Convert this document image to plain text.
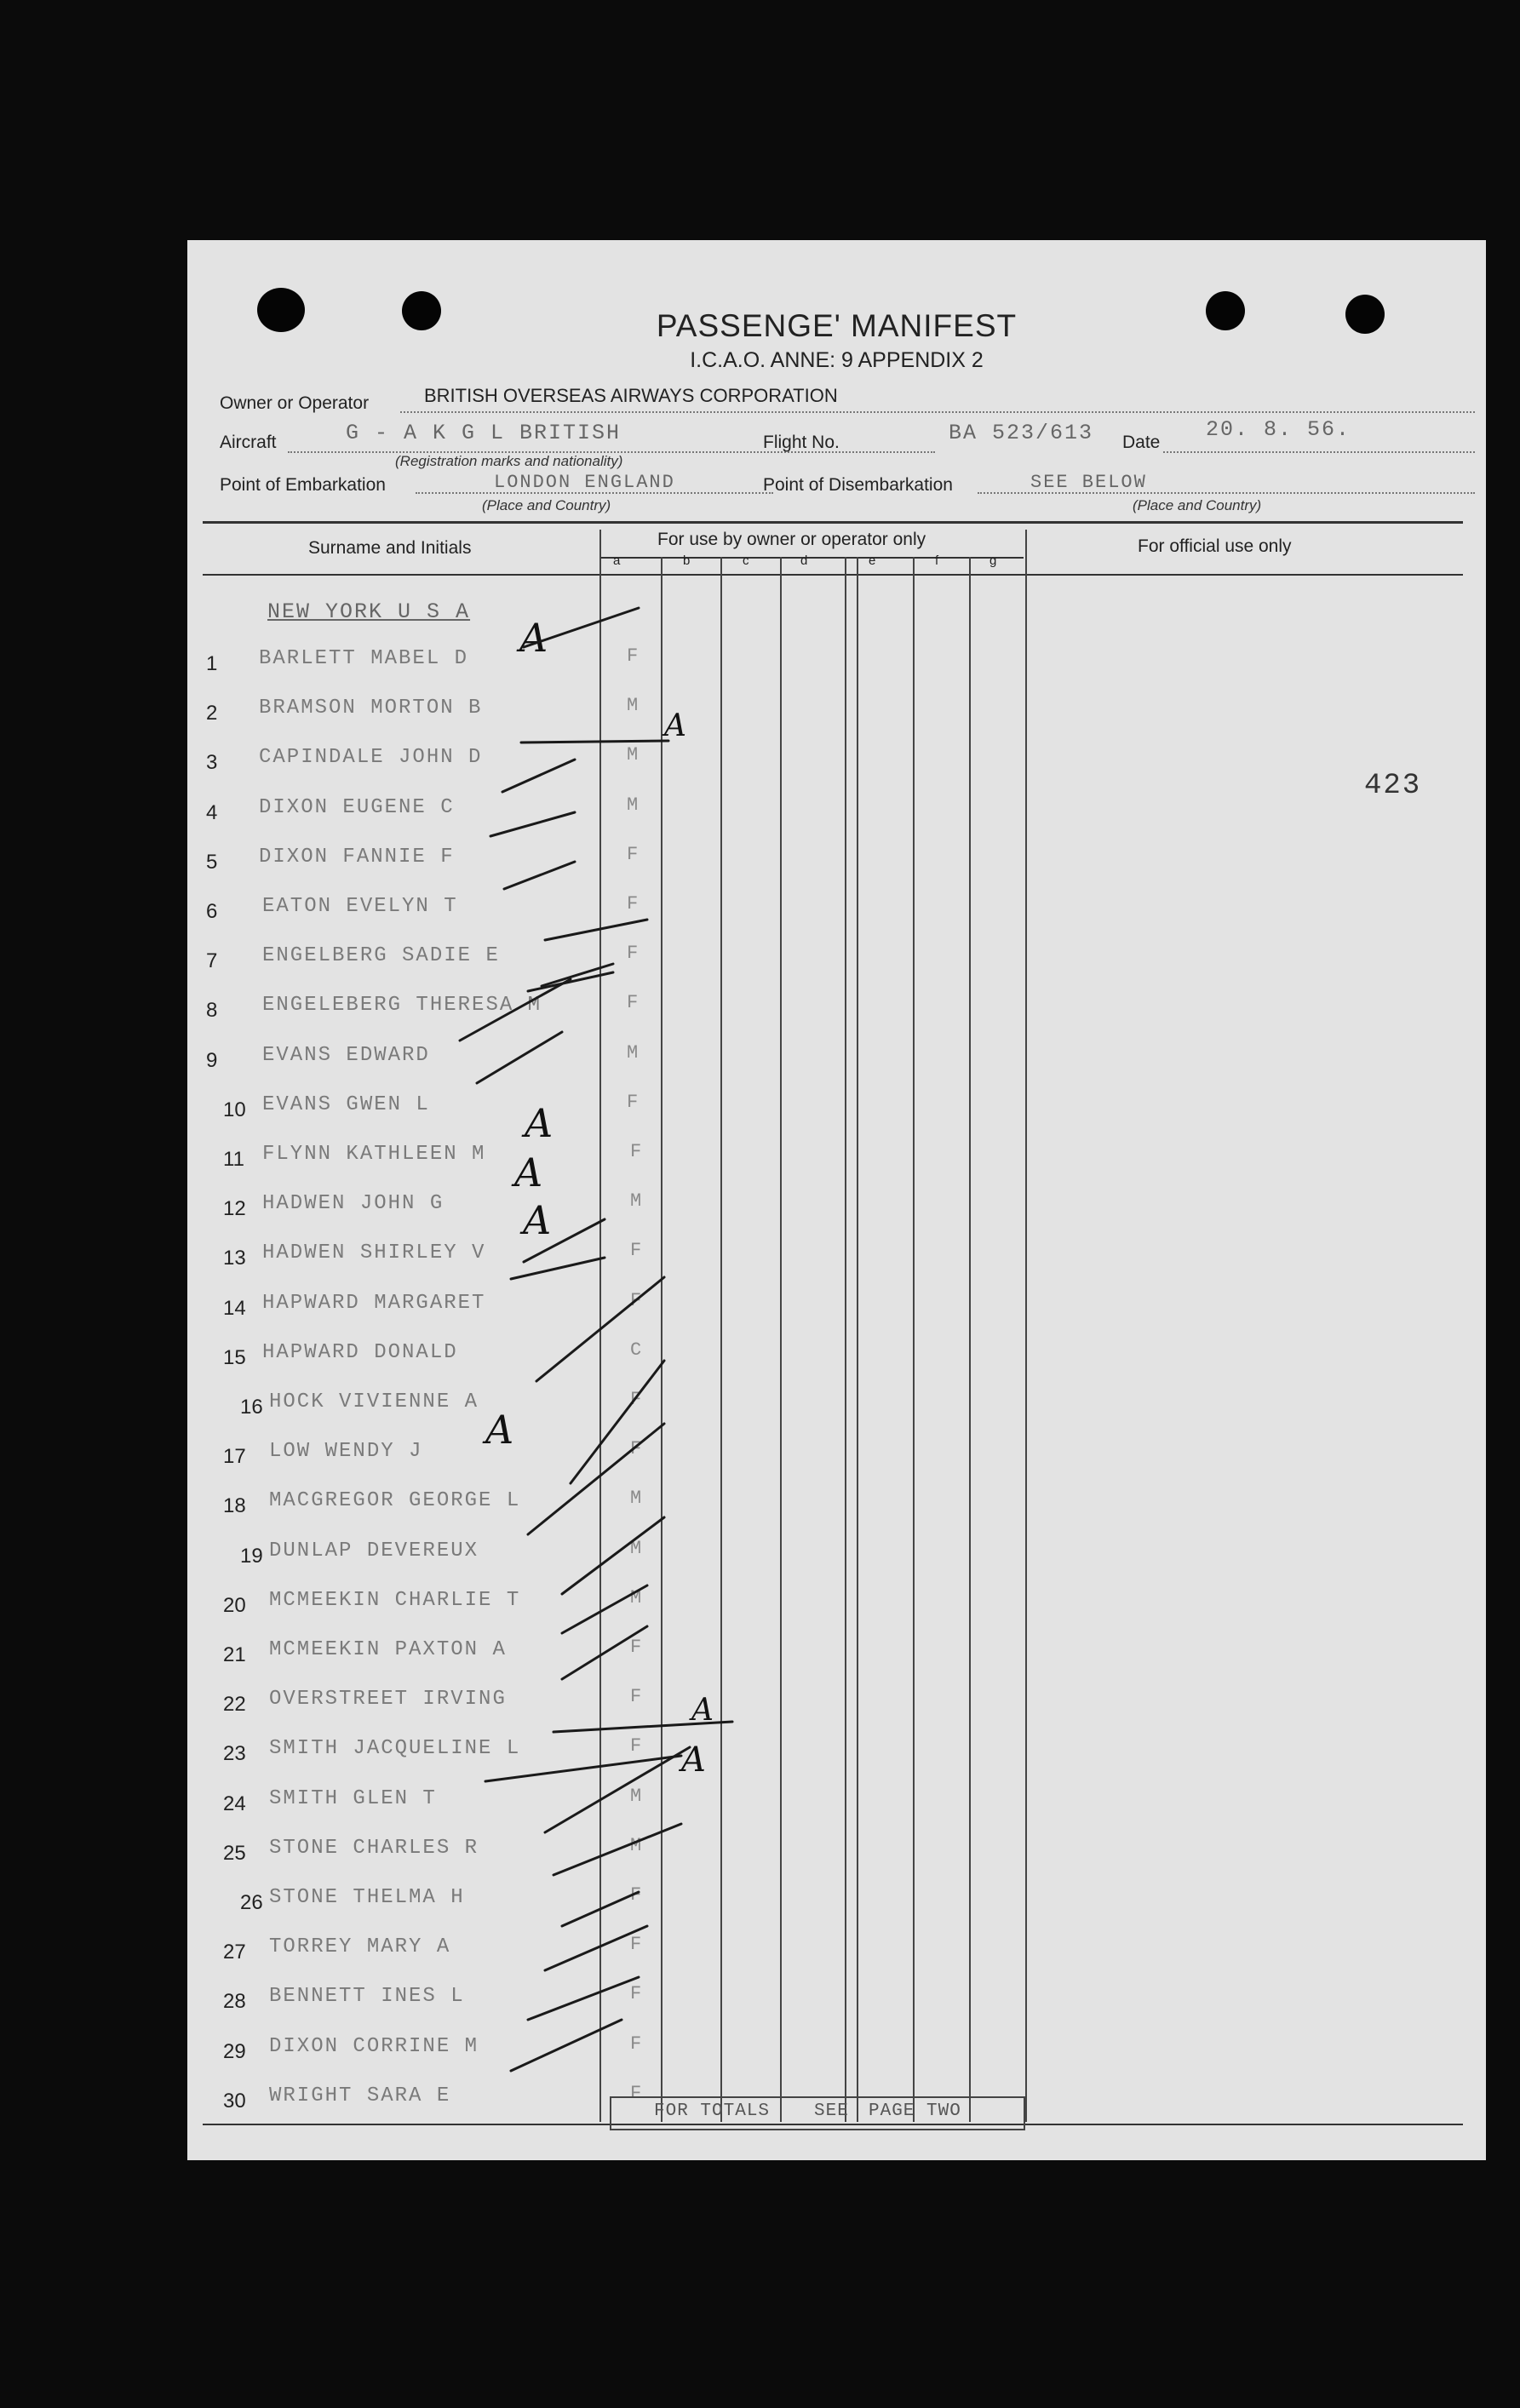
PASSENGE' MANIFEST
I.C.A.O. ANNE: 9 APPENDIX 2
Owner or Operator	BRITISH OVERSEAS AIRWAYS CORPORATION
Aircraft	G - A K G L BRITISH
(Registration marks and nationality)
Flight No.	BA 523/613 Date
20. 8. 56.
Point of Embarkation	LONDON ENGLAND
(Place and Country)
Point of Disembarkation	SEE BELOW
(Place and Country)
Surname and Initials	For use by owner or operator only	For official use only
a	b	c	d	e	f	g
NEW YORK U S A
423
1 BARLETT MABEL D	F
2 BRAMSON MORTON B	M
3 CAPINDALE JOHN D	M
4 DIXON EUGENE C	M
5 DIXON FANNIE F	F
6 EATON EVELYN T	F
7 ENGELBERG SADIE E	F
8 ENGELEBERG THERESA M	F
9 EVANS EDWARD	M
10 EVANS GWEN L	F
11 FLYNN KATHLEEN M	F
12 HADWEN JOHN G	M
13 HADWEN SHIRLEY V	F
14 HAPWARD MARGARET	F
15 HAPWARD DONALD	C
16 HOCK VIVIENNE A	F
17 LOW WENDY J	F
18 MACGREGOR GEORGE L	M
19 DUNLAP DEVEREUX	M
20 MCMEEKIN CHARLIE T	M
21 MCMEEKIN PAXTON A	F
22 OVERSTREET IRVING	F
23 SMITH JACQUELINE L	F
24 SMITH GLEN T	M
25 STONE CHARLES R	M
26 STONE THELMA H	F
27 TORREY MARY A	F
28 BENNETT INES L	F
29 DIXON CORRINE M	F
30 WRIGHT SARA E	F
A
A
A
A
A
A
A
A
FOR TOTALS SEE PAGE TWO
